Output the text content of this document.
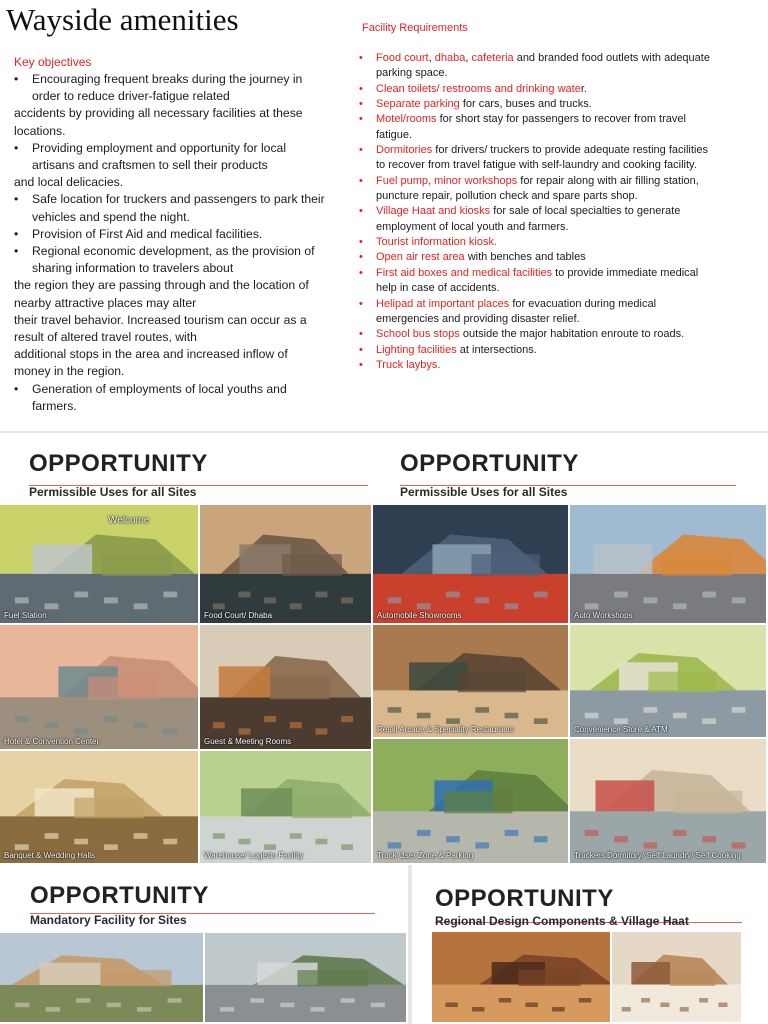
Wayside amenities
Key objectives
•	Encouraging frequent breaks during the journey in
order to reduce driver-fatigue related
accidents by providing all necessary facilities at these
locations.
•	Providing employment and opportunity for local
artisans and craftsmen to sell their products
and local delicacies.
•	Safe location for truckers and passengers to park their
vehicles and spend the night.
•	Provision of First Aid and medical facilities.
•	Regional economic development, as the provision of
sharing information to travelers about
the region they are passing through and the location of
nearby attractive places may alter
their travel behavior. Increased tourism can occur as a
result of altered travel routes, with
additional stops in the area and increased inflow of
money in the region.
•	Generation of employments of local youths and
farmers.
Facility Requirements
•	Food court, dhaba, cafeteria and branded food outlets with adequate
parking space.
•	Clean toilets/ restrooms and drinking water.
•	Separate parking for cars, buses and trucks.
•	Motel/rooms for short stay for passengers to recover from travel
fatigue.
•	Dormitories for drivers/ truckers to provide adequate resting facilities
to recover from travel fatigue with self-laundry and cooking facility.
•	Fuel pump, minor workshops for repair along with air filling station,
puncture repair, pollution check and spare parts shop.
•	Village Haat and kiosks for sale of local specialties to generate
employment of local youth and farmers.
•	Tourist information kiosk.
•	Open air rest area with benches and tables
•	First aid boxes and medical facilities to provide immediate medical
help in case of accidents.
•	Helipad at important places for evacuation during medical
emergencies and providing disaster relief.
•	School bus stops outside the major habitation enroute to roads.
•	Lighting facilities at intersections.
•	Truck laybys.
OPPORTUNITY
Permissible Uses for all Sites
Welcome
Fuel Station	Food Court/ Dhaba
Hotel & Convention Center	Guest & Meeting Rooms
Banquet & Wedding Halls	Warehouse/ Logistic Facility
OPPORTUNITY
Permissible Uses for all Sites
Automobile Showrooms	Auto Workshops
Retail Arcade & Speciality Restaurants	Convenience Store & ATM
Truck User Zone & Parking	Truckers Dormitory/ Self Laundry/ Self Cooking
OPPORTUNITY
Mandatory Facility for Sites
OPPORTUNITY
Regional Design Components & Village Haat
